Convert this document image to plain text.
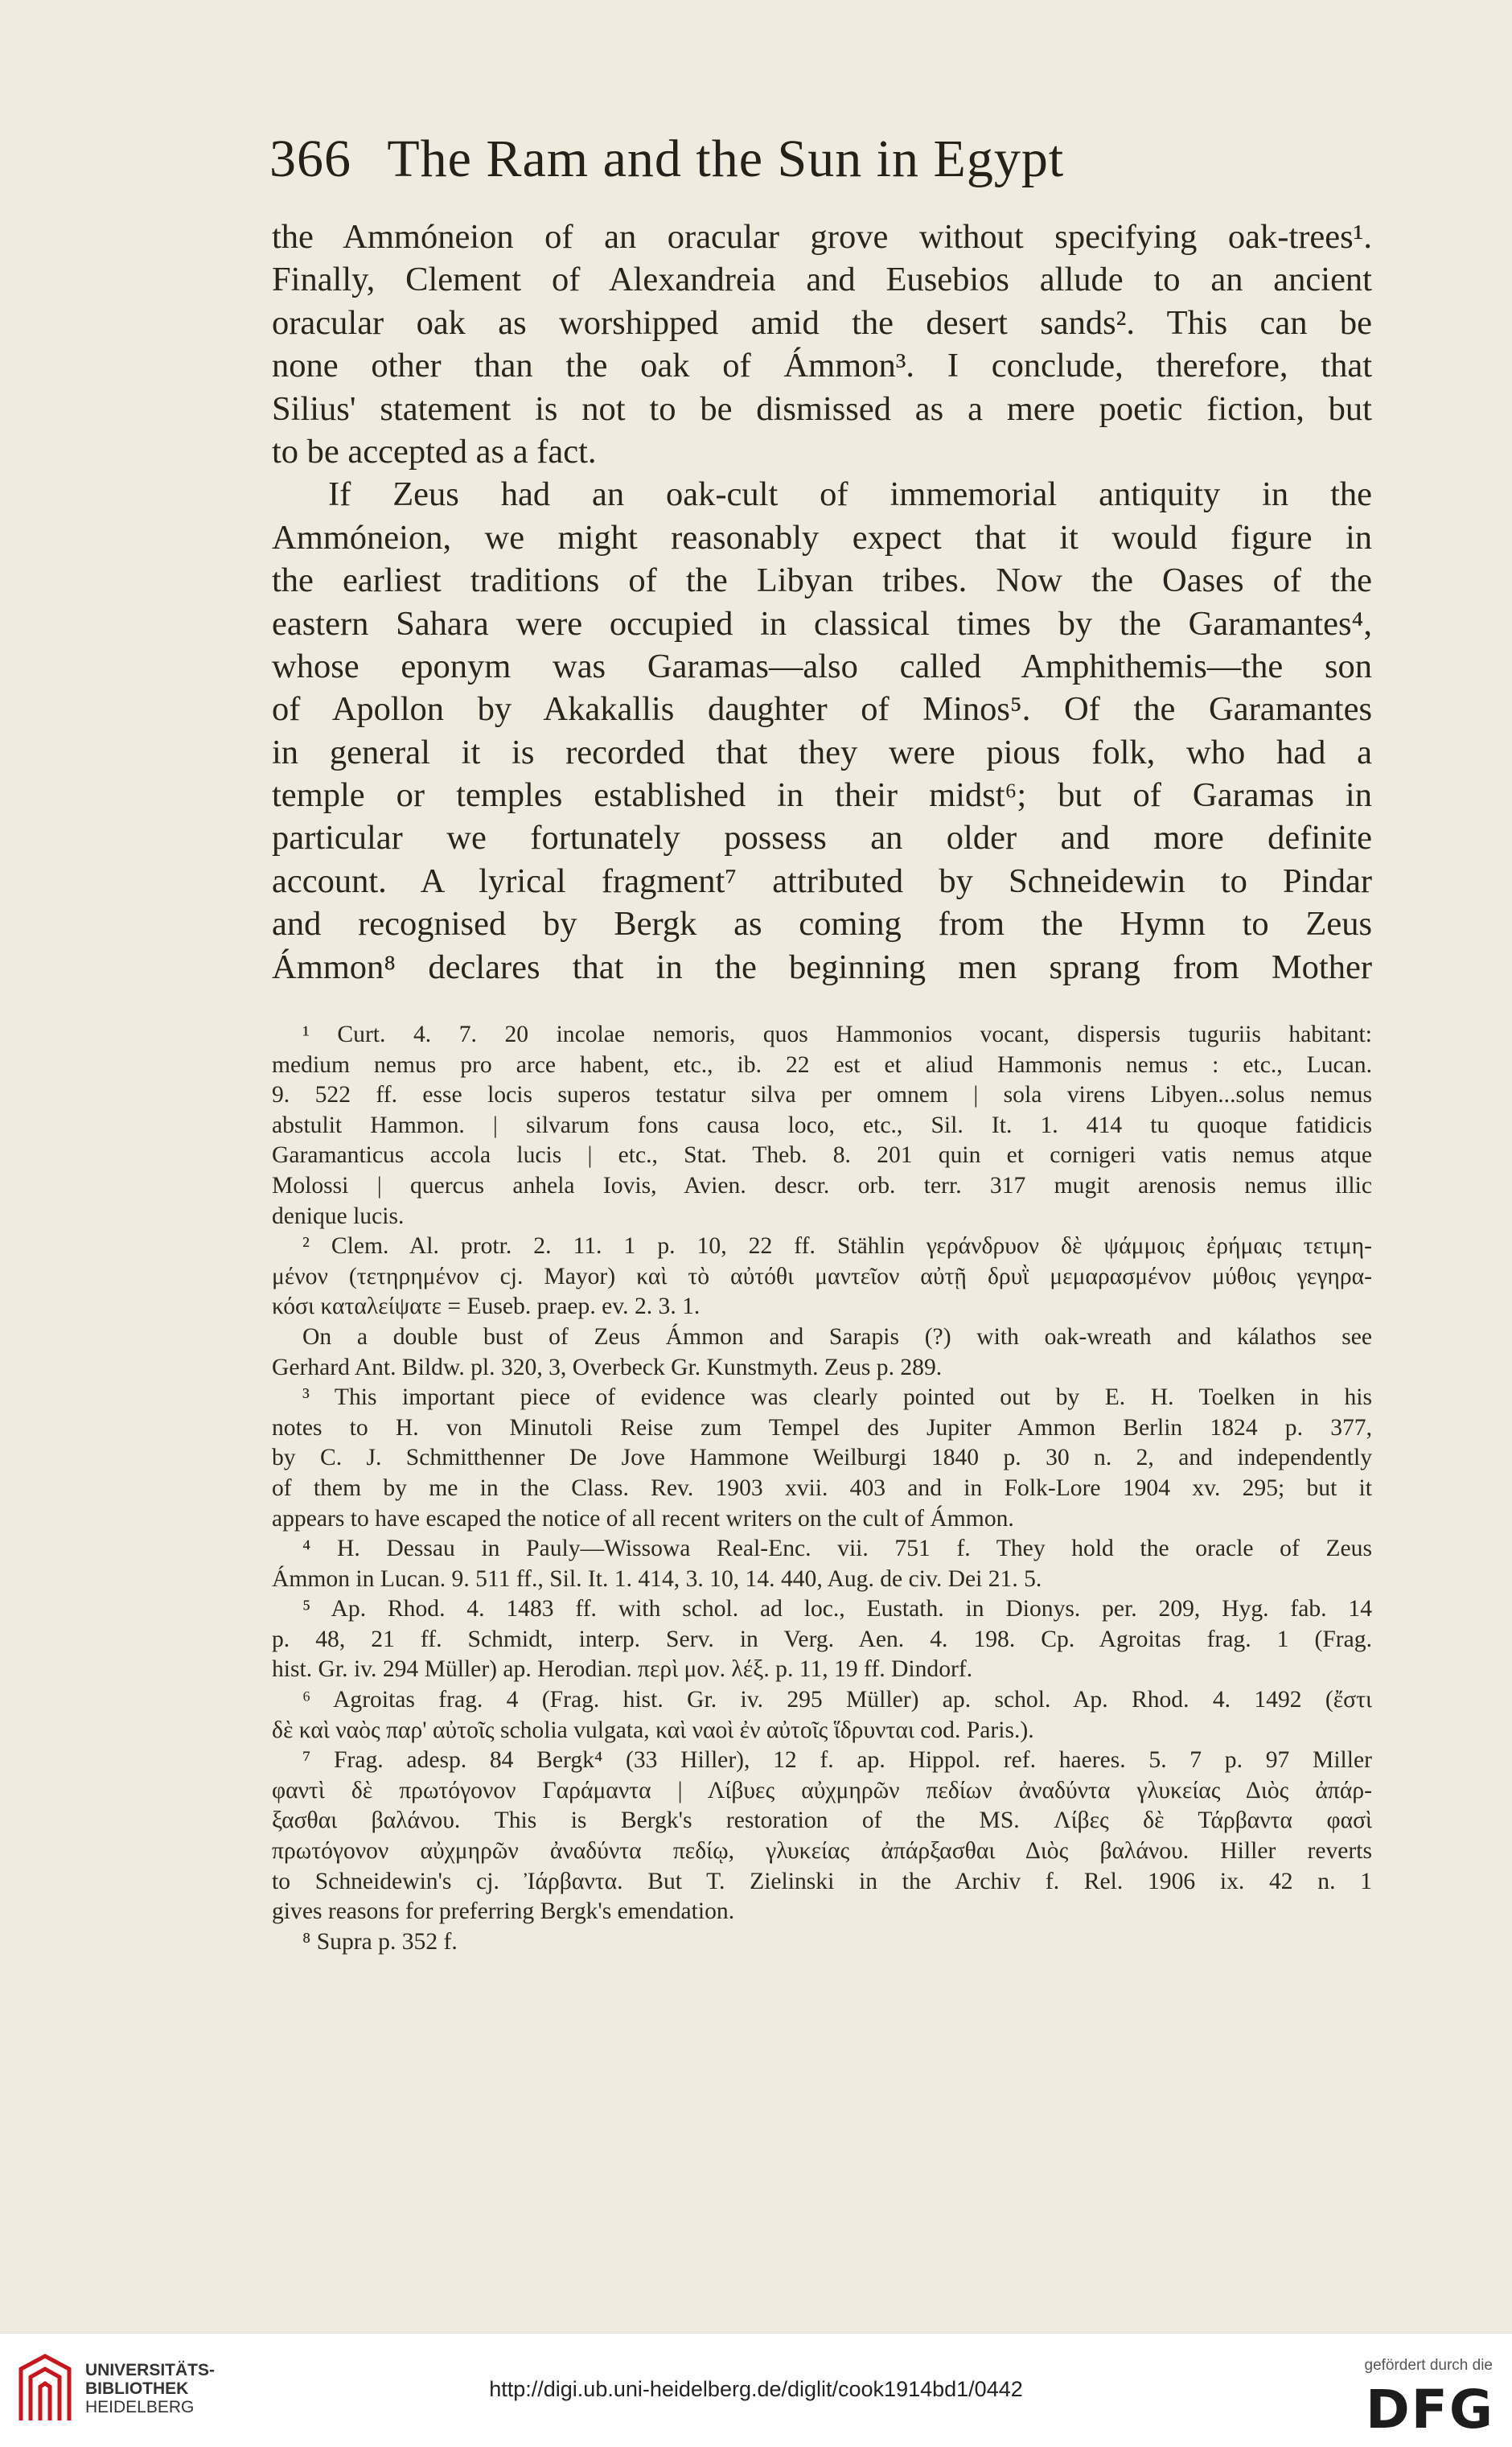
366 The Ram and the Sun in Egypt
the Ammóneion of an oracular grove without specifying oak-trees¹.
Finally, Clement of Alexandreia and Eusebios allude to an ancient
oracular oak as worshipped amid the desert sands². This can be
none other than the oak of Ámmon³. I conclude, therefore, that
Silius' statement is not to be dismissed as a mere poetic fiction, but
to be accepted as a fact.
If Zeus had an oak-cult of immemorial antiquity in the
Ammóneion, we might reasonably expect that it would figure in
the earliest traditions of the Libyan tribes. Now the Oases of the
eastern Sahara were occupied in classical times by the Garamantes⁴,
whose eponym was Garamas—also called Amphithemis—the son
of Apollon by Akakallis daughter of Minos⁵. Of the Garamantes
in general it is recorded that they were pious folk, who had a
temple or temples established in their midst⁶; but of Garamas in
particular we fortunately possess an older and more definite
account. A lyrical fragment⁷ attributed by Schneidewin to Pindar
and recognised by Bergk as coming from the Hymn to Zeus
Ámmon⁸ declares that in the beginning men sprang from Mother
¹ Curt. 4. 7. 20 incolae nemoris, quos Hammonios vocant, dispersis tuguriis habitant:
medium nemus pro arce habent, etc., ib. 22 est et aliud Hammonis nemus : etc., Lucan.
9. 522 ff. esse locis superos testatur silva per omnem | sola virens Libyen...solus nemus
abstulit Hammon. | silvarum fons causa loco, etc., Sil. It. 1. 414 tu quoque fatidicis
Garamanticus accola lucis | etc., Stat. Theb. 8. 201 quin et cornigeri vatis nemus atque
Molossi | quercus anhela Iovis, Avien. descr. orb. terr. 317 mugit arenosis nemus illic
denique lucis.
² Clem. Al. protr. 2. 11. 1 p. 10, 22 ff. Stählin γεράνδρυον δὲ ψάμμοις ἐρήμαις τετιμη-
μένον (τετηρημένον cj. Mayor) καὶ τὸ αὐτόθι μαντεῖον αὐτῇ δρυῒ μεμαρασμένον μύθοις γεγηρα-
κόσι καταλείψατε = Euseb. praep. ev. 2. 3. 1.
On a double bust of Zeus Ámmon and Sarapis (?) with oak-wreath and kálathos see
Gerhard Ant. Bildw. pl. 320, 3, Overbeck Gr. Kunstmyth. Zeus p. 289.
³ This important piece of evidence was clearly pointed out by E. H. Toelken in his
notes to H. von Minutoli Reise zum Tempel des Jupiter Ammon Berlin 1824 p. 377,
by C. J. Schmitthenner De Jove Hammone Weilburgi 1840 p. 30 n. 2, and independently
of them by me in the Class. Rev. 1903 xvii. 403 and in Folk-Lore 1904 xv. 295; but it
appears to have escaped the notice of all recent writers on the cult of Ámmon.
⁴ H. Dessau in Pauly—Wissowa Real-Enc. vii. 751 f. They hold the oracle of Zeus
Ámmon in Lucan. 9. 511 ff., Sil. It. 1. 414, 3. 10, 14. 440, Aug. de civ. Dei 21. 5.
⁵ Ap. Rhod. 4. 1483 ff. with schol. ad loc., Eustath. in Dionys. per. 209, Hyg. fab. 14
p. 48, 21 ff. Schmidt, interp. Serv. in Verg. Aen. 4. 198. Cp. Agroitas frag. 1 (Frag.
hist. Gr. iv. 294 Müller) ap. Herodian. περὶ μον. λέξ. p. 11, 19 ff. Dindorf.
⁶ Agroitas frag. 4 (Frag. hist. Gr. iv. 295 Müller) ap. schol. Ap. Rhod. 4. 1492 (ἔστι
δὲ καὶ ναὸς παρ' αὐτοῖς scholia vulgata, καὶ ναοὶ ἐν αὐτοῖς ἵδρυνται cod. Paris.).
⁷ Frag. adesp. 84 Bergk⁴ (33 Hiller), 12 f. ap. Hippol. ref. haeres. 5. 7 p. 97 Miller
φαντὶ δὲ πρωτόγονον Γαράμαντα | Λίβυες αὐχμηρῶν πεδίων ἀναδύντα γλυκείας Διὸς ἀπάρ-
ξασθαι βαλάνου. This is Bergk's restoration of the MS. Λίβες δὲ Τάρβαντα φασὶ
πρωτόγονον αὐχμηρῶν ἀναδύντα πεδίῳ, γλυκείας ἀπάρξασθαι Διὸς βαλάνου. Hiller reverts
to Schneidewin's cj. Ἰάρβαντα. But T. Zielinski in the Archiv f. Rel. 1906 ix. 42 n. 1
gives reasons for preferring Bergk's emendation.
⁸ Supra p. 352 f.
UNIVERSITÄTS-
BIBLIOTHEK
HEIDELBERG
http://digi.ub.uni-heidelberg.de/diglit/cook1914bd1/0442
gefördert durch die
DFG
